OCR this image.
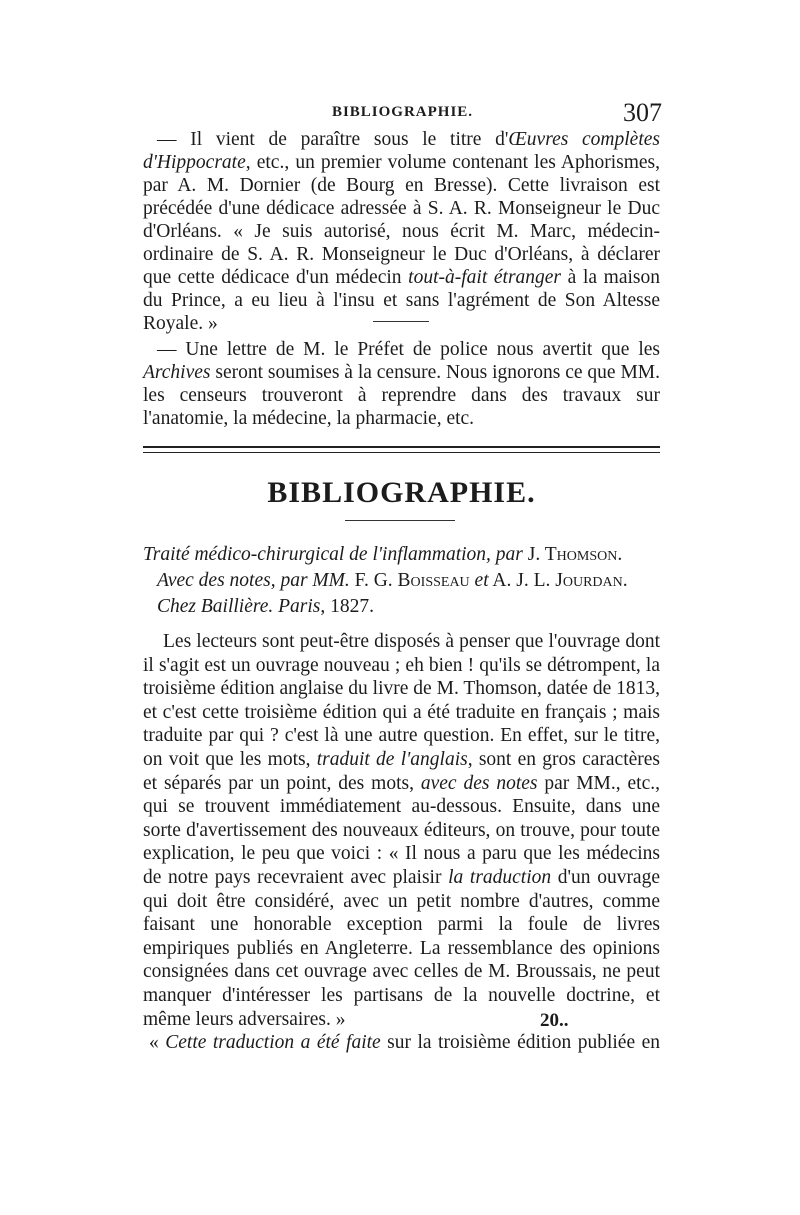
BIBLIOGRAPHIE.	307

— Il vient de paraître sous le titre d'Œuvres complètes d'Hippocrate, etc., un premier volume contenant les Aphorismes, par A. M. Dornier (de Bourg en Bresse). Cette livraison est précédée d'une dédicace adressée à S. A. R. Monseigneur le Duc d'Orléans. « Je suis autorisé, nous écrit M. Marc, médecin-ordinaire de S. A. R. Monseigneur le Duc d'Orléans, à déclarer que cette dédicace d'un médecin tout-à-fait étranger à la maison du Prince, a eu lieu à l'insu et sans l'agrément de Son Altesse Royale. »

— Une lettre de M. le Préfet de police nous avertit que les Archives seront soumises à la censure. Nous ignorons ce que MM. les censeurs trouveront à reprendre dans des travaux sur l'anatomie, la médecine, la pharmacie, etc.

BIBLIOGRAPHIE.
Traité médico-chirurgical de l'inflammation, par J. Thomson.
Avec des notes, par MM. F. G. Boisseau et A. J. L. Jourdan.
Chez Baillière. Paris, 1827.

Les lecteurs sont peut-être disposés à penser que l'ouvrage dont il s'agit est un ouvrage nouveau ; eh bien ! qu'ils se détrompent, la troisième édition anglaise du livre de M. Thomson, datée de 1813, et c'est cette troisième édition qui a été traduite en français ; mais traduite par qui ? c'est là une autre question. En effet, sur le titre, on voit que les mots, traduit de l'anglais, sont en gros caractères et séparés par un point, des mots, avec des notes par MM., etc., qui se trouvent immédiatement au-dessous. Ensuite, dans une sorte d'avertissement des nouveaux éditeurs, on trouve, pour toute explication, le peu que voici : « Il nous a paru que les médecins de notre pays recevraient avec plaisir la traduction d'un ouvrage qui doit être considéré, avec un petit nombre d'autres, comme faisant une honorable exception parmi la foule de livres empiriques publiés en Angleterre. La ressemblance des opinions consignées dans cet ouvrage avec celles de M. Broussais, ne peut manquer d'intéresser les partisans de la nouvelle doctrine, et même leurs adversaires. »

« Cette traduction a été faite sur la troisième édition publiée en

20..
